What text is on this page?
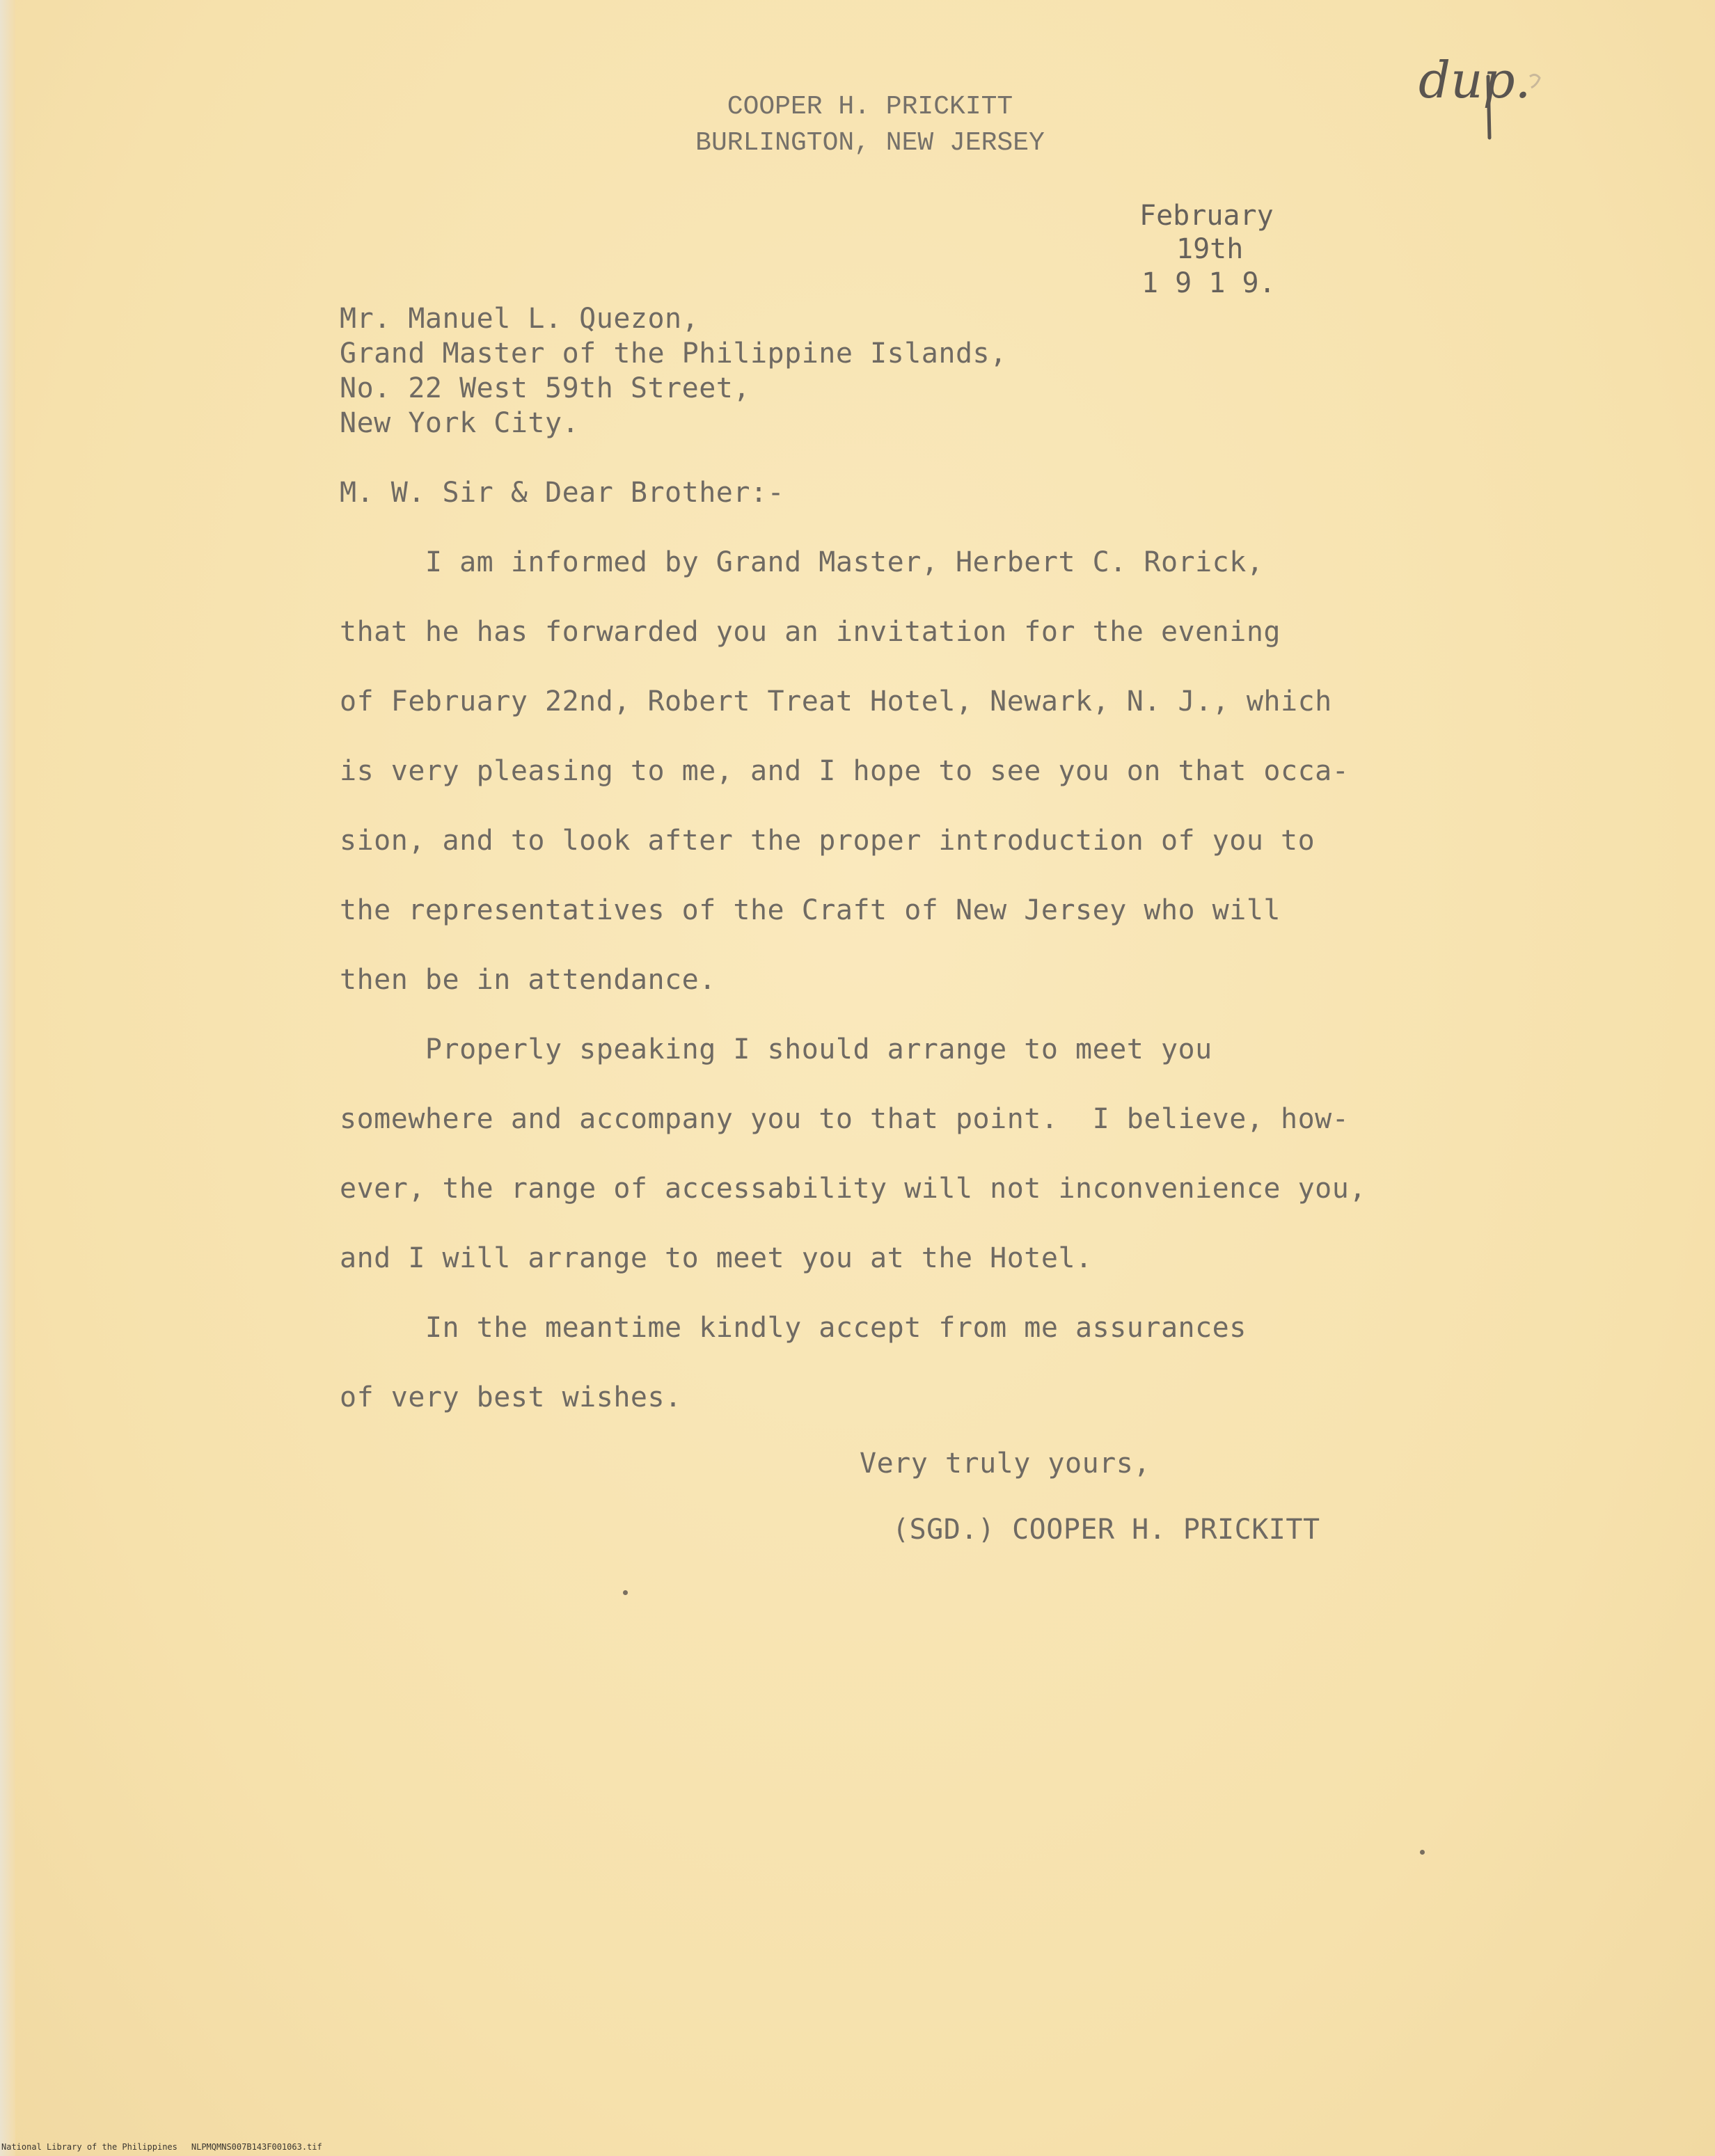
COOPER H. PRICKITT
BURLINGTON, NEW JERSEY
dup.
February
19th
1 9 1 9.
Mr. Manuel L. Quezon,
Grand Master of the Philippine Islands,
No. 22 West 59th Street,
New York City.
M. W. Sir & Dear Brother:-
I am informed by Grand Master, Herbert C. Rorick,
that he has forwarded you an invitation for the evening
of February 22nd, Robert Treat Hotel, Newark, N. J., which
is very pleasing to me, and I hope to see you on that occa-
sion, and to look after the proper introduction of you to
the representatives of the Craft of New Jersey who will
then be in attendance.
Properly speaking I should arrange to meet you
somewhere and accompany you to that point.  I believe, how-
ever, the range of accessability will not inconvenience you,
and I will arrange to meet you at the Hotel.
In the meantime kindly accept from me assurances
of very best wishes.
Very truly yours,
(SGD.) COOPER H. PRICKITT
National Library of the Philippines NLPMQMNS007B143F001063.tif
